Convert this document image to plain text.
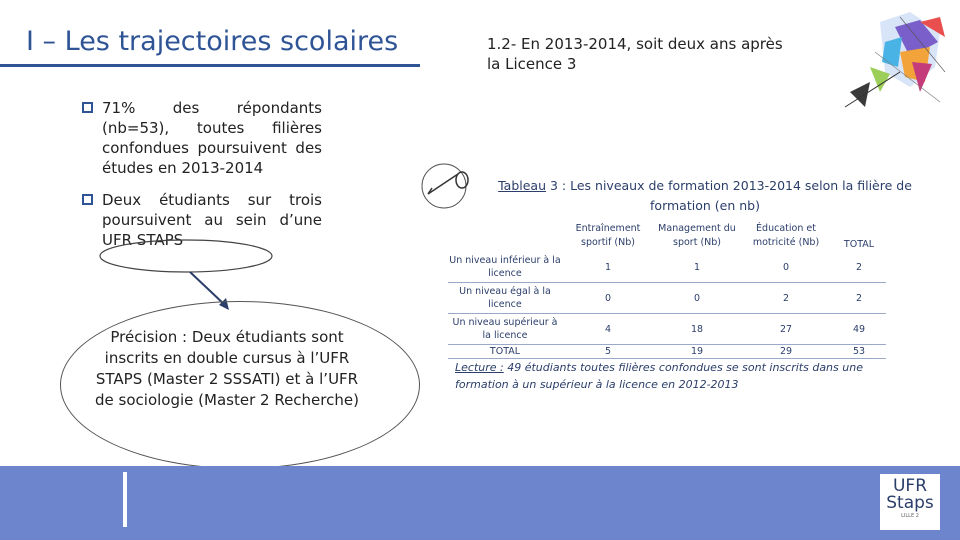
I – Les trajectoires scolaires	1.2- En 2013-2014, soit deux ans après
la Licence 3
71% des répondants (nb=53), toutes filières confondues poursuivent des études en 2013-2014
Deux étudiants sur trois poursuivent au sein d’une UFR STAPS
Précision : Deux étudiants sont inscrits en double cursus à l’UFR STAPS (Master 2 SSSATI) et à l’UFR de sociologie (Master 2 Recherche)
Tableau 3 : Les niveaux de formation 2013-2014 selon la filière de formation (en nb)
	Entraînement sportif (Nb)	Management du sport (Nb)	Éducation et motricité (Nb)	TOTAL
Un niveau inférieur à la licence	1	1	0	2
Un niveau égal à la licence	0	0	2	2
Un niveau supérieur à la licence	4	18	27	49
TOTAL	5	19	29	53
Lecture : 49 étudiants toutes filières confondues se sont inscrits dans une formation à un supérieur à la licence en 2012-2013
UFR
Staps
LILLE 2
